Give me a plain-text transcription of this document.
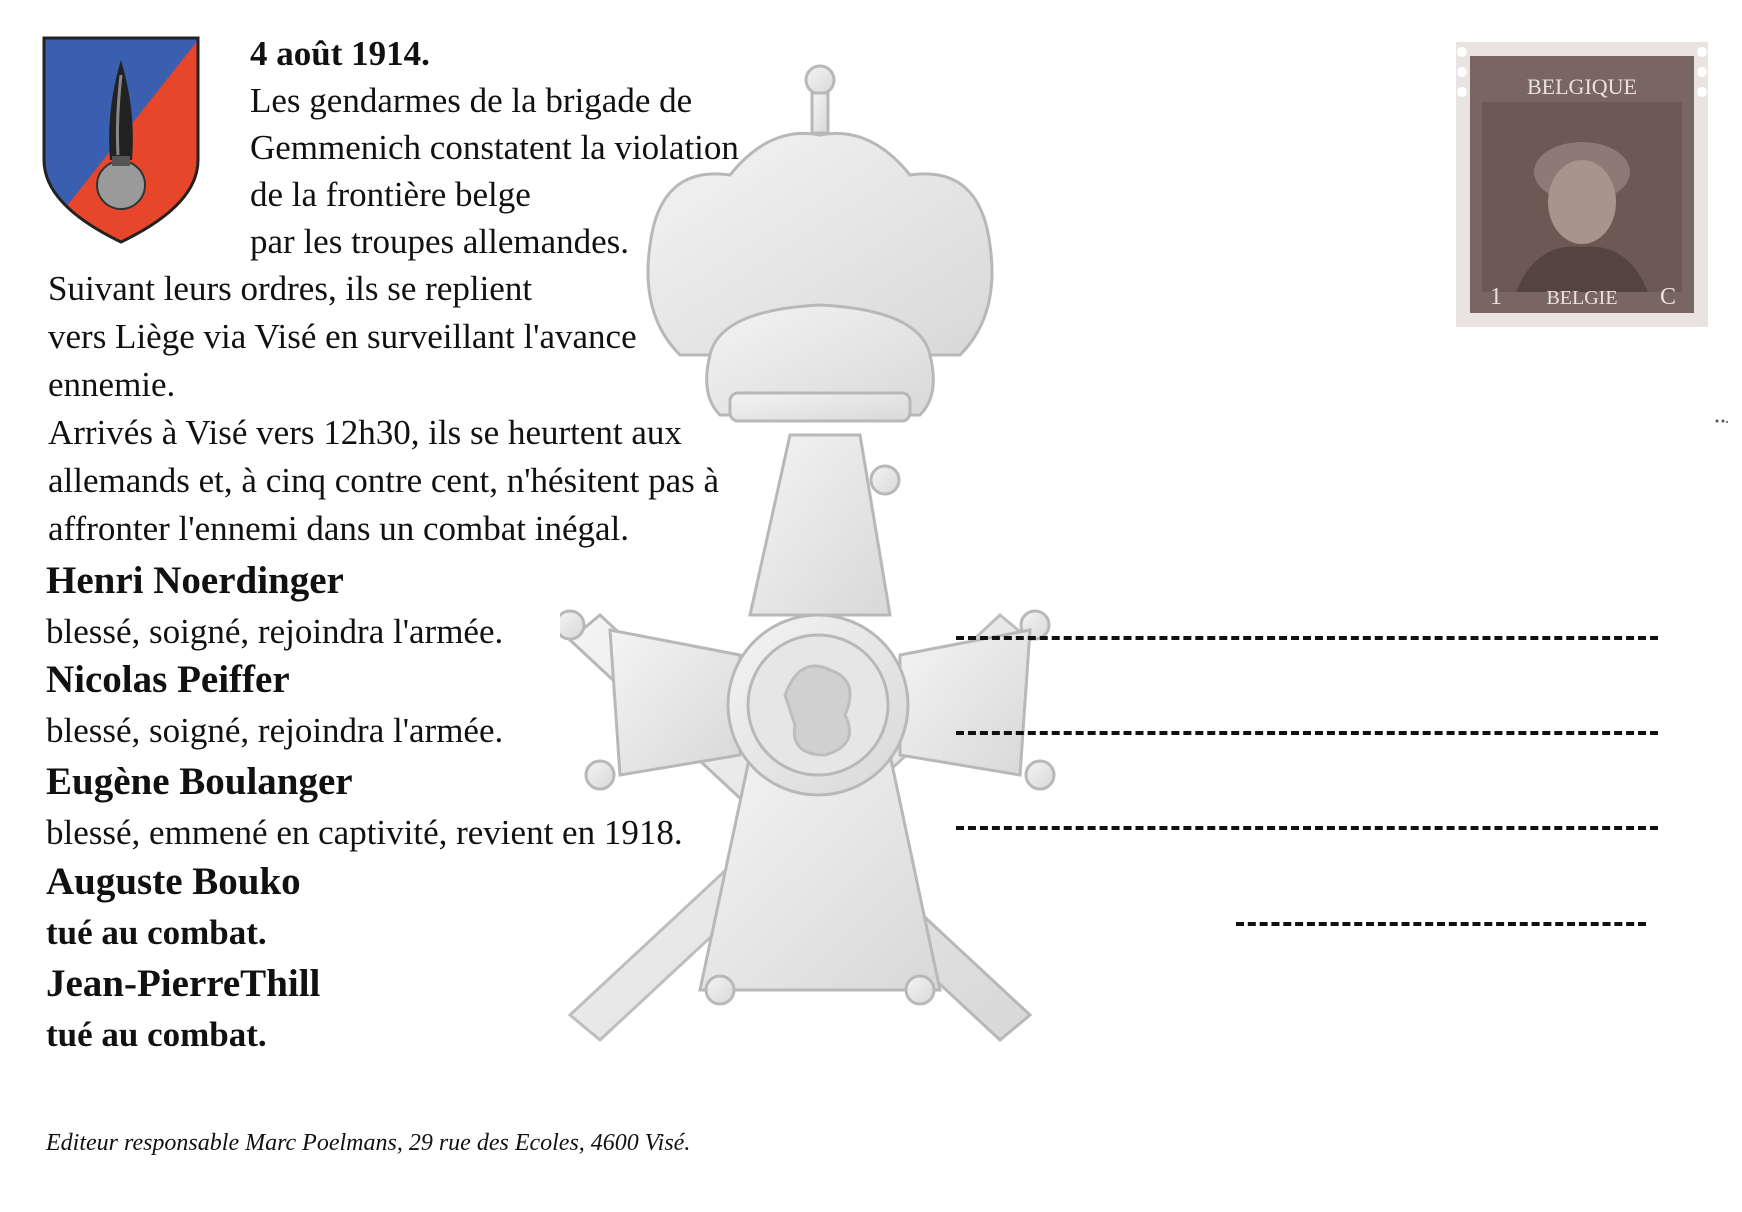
BELGIQUE
1 BELGIE C
4 août 1914.
Les gendarmes de la brigade de
Gemmenich constatent la violation
de la frontière belge
par les troupes allemandes.
Suivant leurs ordres, ils se replient
vers Liège via Visé en surveillant l'avance
ennemie.
Arrivés à Visé vers 12h30, ils se heurtent aux
allemands et, à cinq contre cent, n'hésitent pas à
affronter l'ennemi dans un combat inégal.
Henri Noerdinger
blessé, soigné, rejoindra l'armée.
Nicolas Peiffer
blessé, soigné, rejoindra l'armée.
Eugène Boulanger
blessé, emmené en captivité, revient en 1918.
Auguste Bouko
tué au combat.
Jean-PierreThill
tué au combat.
Editeur responsable Marc Poelmans, 29 rue des Ecoles, 4600 Visé.
